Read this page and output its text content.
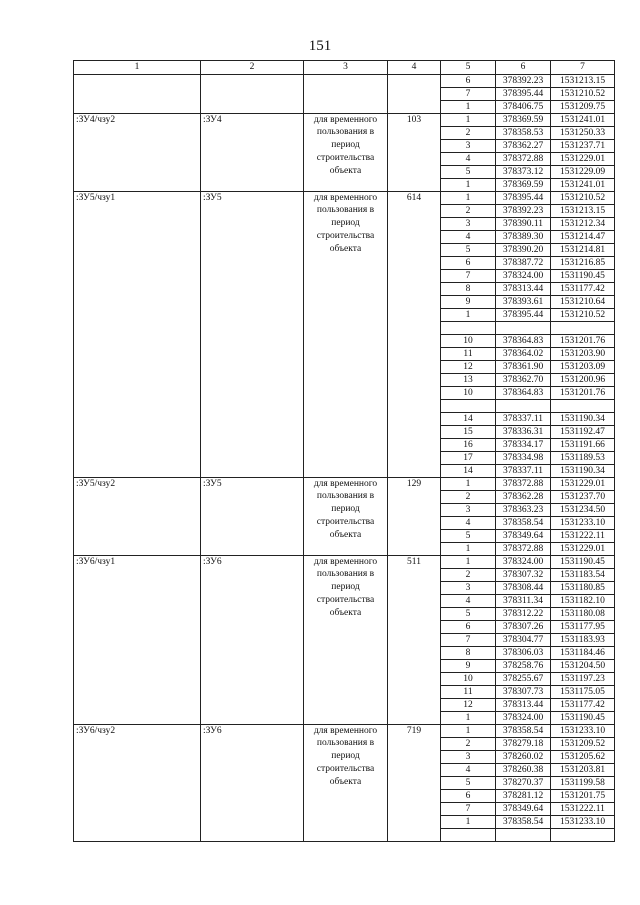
151
1	2	3	4	5	6	7
				6	378392.23	1531213.15
				7	378395.44	1531210.52
				1	378406.75	1531209.75
:ЗУ4/чзу2	:ЗУ4	для временного пользования в период строительства объекта	103	1	378369.59	1531241.01
				2	378358.53	1531250.33
				3	378362.27	1531237.71
				4	378372.88	1531229.01
				5	378373.12	1531229.09
				1	378369.59	1531241.01
:ЗУ5/чзу1	:ЗУ5	для временного пользования в период строительства объекта	614	1	378395.44	1531210.52
				2	378392.23	1531213.15
				3	378390.11	1531212.34
				4	378389.30	1531214.47
				5	378390.20	1531214.81
				6	378387.72	1531216.85
				7	378324.00	1531190.45
				8	378313.44	1531177.42
				9	378393.61	1531210.64
				1	378395.44	1531210.52

				10	378364.83	1531201.76
				11	378364.02	1531203.90
				12	378361.90	1531203.09
				13	378362.70	1531200.96
				10	378364.83	1531201.76

				14	378337.11	1531190.34
				15	378336.31	1531192.47
				16	378334.17	1531191.66
				17	378334.98	1531189.53
				14	378337.11	1531190.34
:ЗУ5/чзу2	:ЗУ5	для временного пользования в период строительства объекта	129	1	378372.88	1531229.01
				2	378362.28	1531237.70
				3	378363.23	1531234.50
				4	378358.54	1531233.10
				5	378349.64	1531222.11
				1	378372.88	1531229.01
:ЗУ6/чзу1	:ЗУ6	для временного пользования в период строительства объекта	511	1	378324.00	1531190.45
				2	378307.32	1531183.54
				3	378308.44	1531180.85
				4	378311.34	1531182.10
				5	378312.22	1531180.08
				6	378307.26	1531177.95
				7	378304.77	1531183.93
				8	378306.03	1531184.46
				9	378258.76	1531204.50
				10	378255.67	1531197.23
				11	378307.73	1531175.05
				12	378313.44	1531177.42
				1	378324.00	1531190.45
:ЗУ6/чзу2	:ЗУ6	для временного пользования в период строительства объекта	719	1	378358.54	1531233.10
				2	378279.18	1531209.52
				3	378260.02	1531205.62
				4	378260.38	1531203.81
				5	378270.37	1531199.58
				6	378281.12	1531201.75
				7	378349.64	1531222.11
				1	378358.54	1531233.10
